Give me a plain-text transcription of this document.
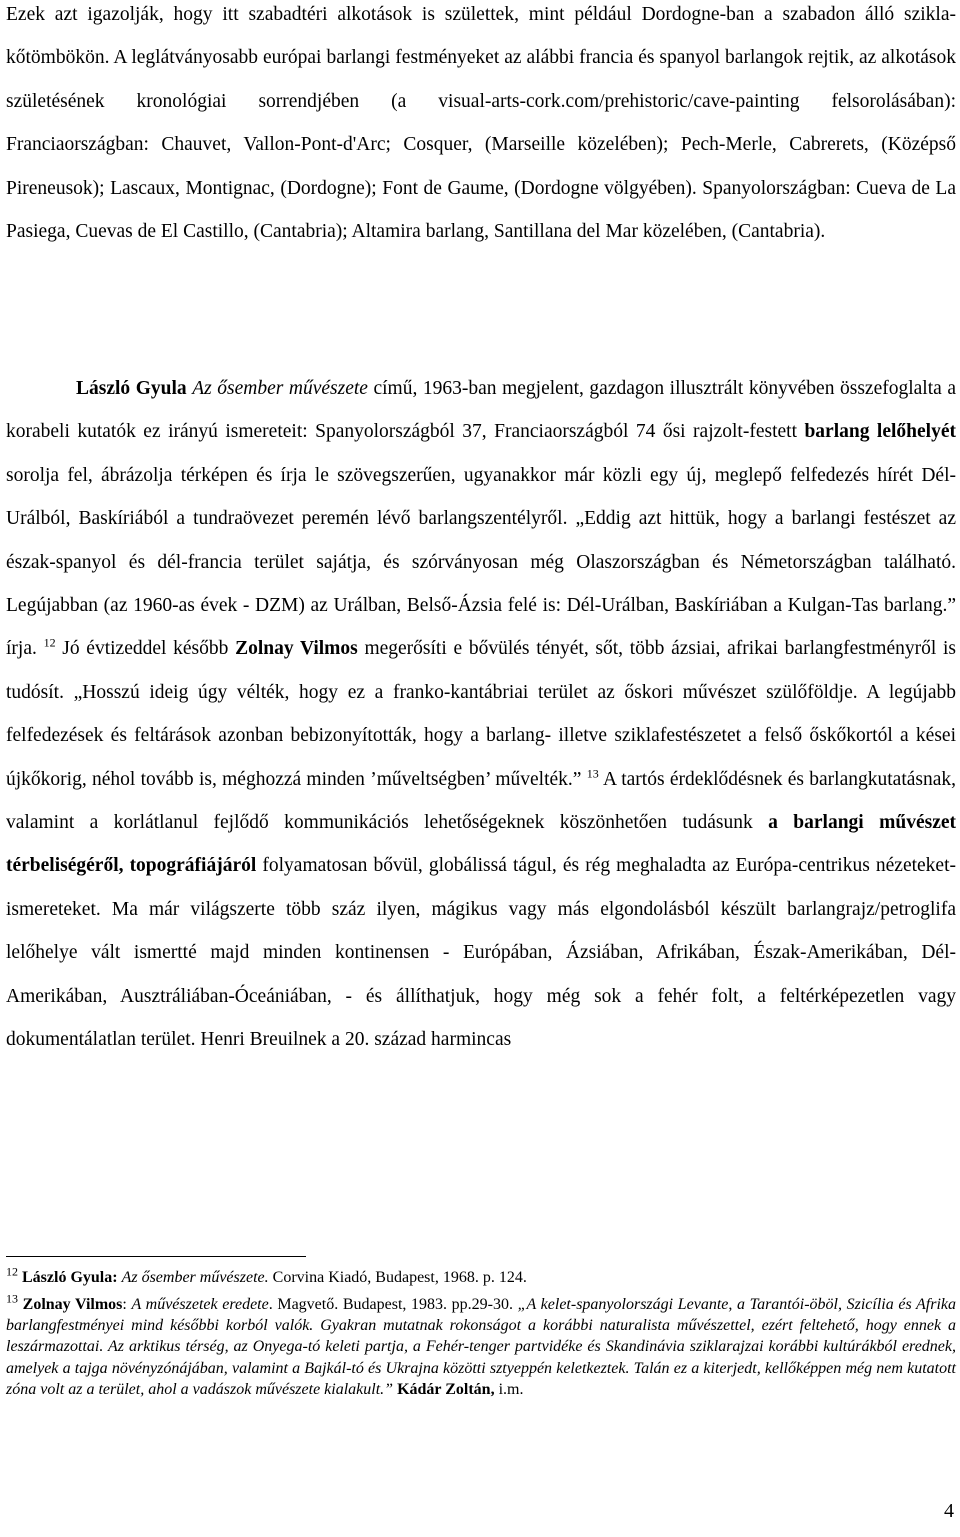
Ezek azt igazolják, hogy itt szabadtéri alkotások is születtek, mint például Dordogne-ban a szabadon álló szikla-kőtömbökön. A leglátványosabb európai barlangi festményeket az alábbi francia és spanyol barlangok rejtik, az alkotások születésének kronológiai sorrendjében (a visual-arts-cork.com/prehistoric/cave-painting felsorolásában): Franciaországban: Chauvet, Vallon-Pont-d'Arc; Cosquer, (Marseille közelében); Pech-Merle, Cabrerets, (Középső Pireneusok); Lascaux, Montignac, (Dordogne); Font de Gaume, (Dordogne völgyében). Spanyolországban: Cueva de La Pasiega, Cuevas de El Castillo, (Cantabria); Altamira barlang, Santillana del Mar közelében, (Cantabria).

László Gyula Az ősember művészete című, 1963-ban megjelent, gazdagon illusztrált könyvében összefoglalta a korabeli kutatók ez irányú ismereteit: Spanyolországból 37, Franciaországból 74 ősi rajzolt-festett barlang lelőhelyét sorolja fel, ábrázolja térképen és írja le szövegszerűen, ugyanakkor már közli egy új, meglepő felfedezés hírét Dél-Urálból, Baskíriából a tundraövezet peremén lévő barlangszentélyről. „Eddig azt hittük, hogy a barlangi festészet az észak-spanyol és dél-francia terület sajátja, és szórványosan még Olaszországban és Németországban található. Legújabban (az 1960-as évek - DZM) az Urálban, Belső-Ázsia felé is: Dél-Urálban, Baskíriában a Kulgan-Tas barlang.” írja. $^{12}$ Jó évtizeddel később Zolnay Vilmos megerősíti e bővülés tényét, sőt, több ázsiai, afrikai barlangfestményről is tudósít. „Hosszú ideig úgy vélték, hogy ez a franko-kantábriai terület az őskori művészet szülőföldje. A legújabb felfedezések és feltárások azonban bebizonyították, hogy a barlang- illetve sziklafestészetet a felső őskőkortól a kései újkőkorig, néhol tovább is, méghozzá minden ’műveltségben’ művelték.” $^{13}$ A tartós érdeklődésnek és barlangkutatásnak, valamint a korlátlanul fejlődő kommunikációs lehetőségeknek köszönhetően tudásunk a barlangi művészet térbeliségéről, topográfiájáról folyamatosan bővül, globálissá tágul, és rég meghaladta az Európa-centrikus nézeteket-ismereteket. Ma már világszerte több száz ilyen, mágikus vagy más elgondolásból készült barlangrajz/petroglifa lelőhelye vált ismertté majd minden kontinensen - Európában, Ázsiában, Afrikában, Észak-Amerikában, Dél-Amerikában, Ausztráliában-Óceániában, - és állíthatjuk, hogy még sok a fehér folt, a feltérképezetlen vagy dokumentálatlan terület. Henri Breuilnek a 20. század harmincas

$^{12}$ László Gyula: Az ősember művészete. Corvina Kiadó, Budapest, 1968. p. 124.

$^{13}$ Zolnay Vilmos: A művészetek eredete. Magvető. Budapest, 1983. pp.29-30. „A kelet-spanyolországi Levante, a Tarantói-öböl, Szicília és Afrika barlangfestményei mind későbbi korból valók. Gyakran mutatnak rokonságot a korábbi naturalista művészettel, ezért feltehető, hogy ennek a leszármazottai. Az arktikus térség, az Onyega-tó keleti partja, a Fehér-tenger partvidéke és Skandinávia sziklarajzai korábbi kultúrákból erednek, amelyek a tajga növényzónájában, valamint a Bajkál-tó és Ukrajna közötti sztyeppén keletkeztek. Talán ez a kiterjedt, kellőképpen még nem kutatott zóna volt az a terület, ahol a vadászok művészete kialakult.” Kádár Zoltán, i.m.

4
